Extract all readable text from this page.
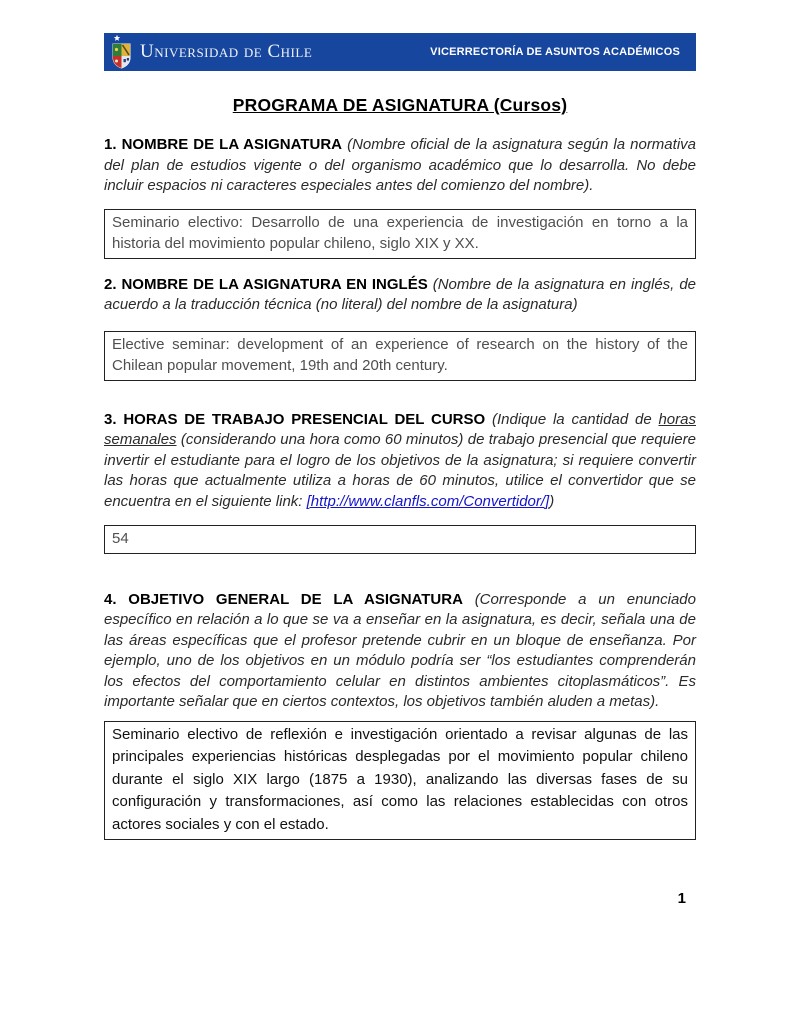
Universidad de Chile	VICERRECTORÍA DE ASUNTOS ACADÉMICOS
PROGRAMA DE ASIGNATURA (Cursos)

1. NOMBRE DE LA ASIGNATURA (Nombre oficial de la asignatura según la normativa del plan de estudios vigente o del organismo académico que lo desarrolla. No debe incluir espacios ni caracteres especiales antes del comienzo del nombre).

Seminario electivo: Desarrollo de una experiencia de investigación en torno a la historia del movimiento popular chileno, siglo XIX y XX.

2. NOMBRE DE LA ASIGNATURA EN INGLÉS (Nombre de la asignatura en inglés, de acuerdo a la traducción técnica (no literal) del nombre de la asignatura)

Elective seminar: development of an experience of research on the history of the Chilean popular movement, 19th and 20th century.

3. HORAS DE TRABAJO PRESENCIAL DEL CURSO (Indique la cantidad de horas semanales (considerando una hora como 60 minutos) de trabajo presencial que requiere invertir el estudiante para el logro de los objetivos de la asignatura; si requiere convertir las horas que actualmente utiliza a horas de 60 minutos, utilice el convertidor que se encuentra en el siguiente link: [http://www.clanfls.com/Convertidor/])

54

4. OBJETIVO GENERAL DE LA ASIGNATURA (Corresponde a un enunciado específico en relación a lo que se va a enseñar en la asignatura, es decir, señala una de las áreas específicas que el profesor pretende cubrir en un bloque de enseñanza. Por ejemplo, uno de los objetivos en un módulo podría ser “los estudiantes comprenderán los efectos del comportamiento celular en distintos ambientes citoplasmáticos”. Es importante señalar que en ciertos contextos, los objetivos también aluden a metas).

Seminario electivo de reflexión e investigación orientado a revisar algunas de las principales experiencias históricas desplegadas por el movimiento popular chileno durante el siglo XIX largo (1875 a 1930), analizando las diversas fases de su configuración y transformaciones, así como las relaciones establecidas con otros actores sociales y con el estado.
1
